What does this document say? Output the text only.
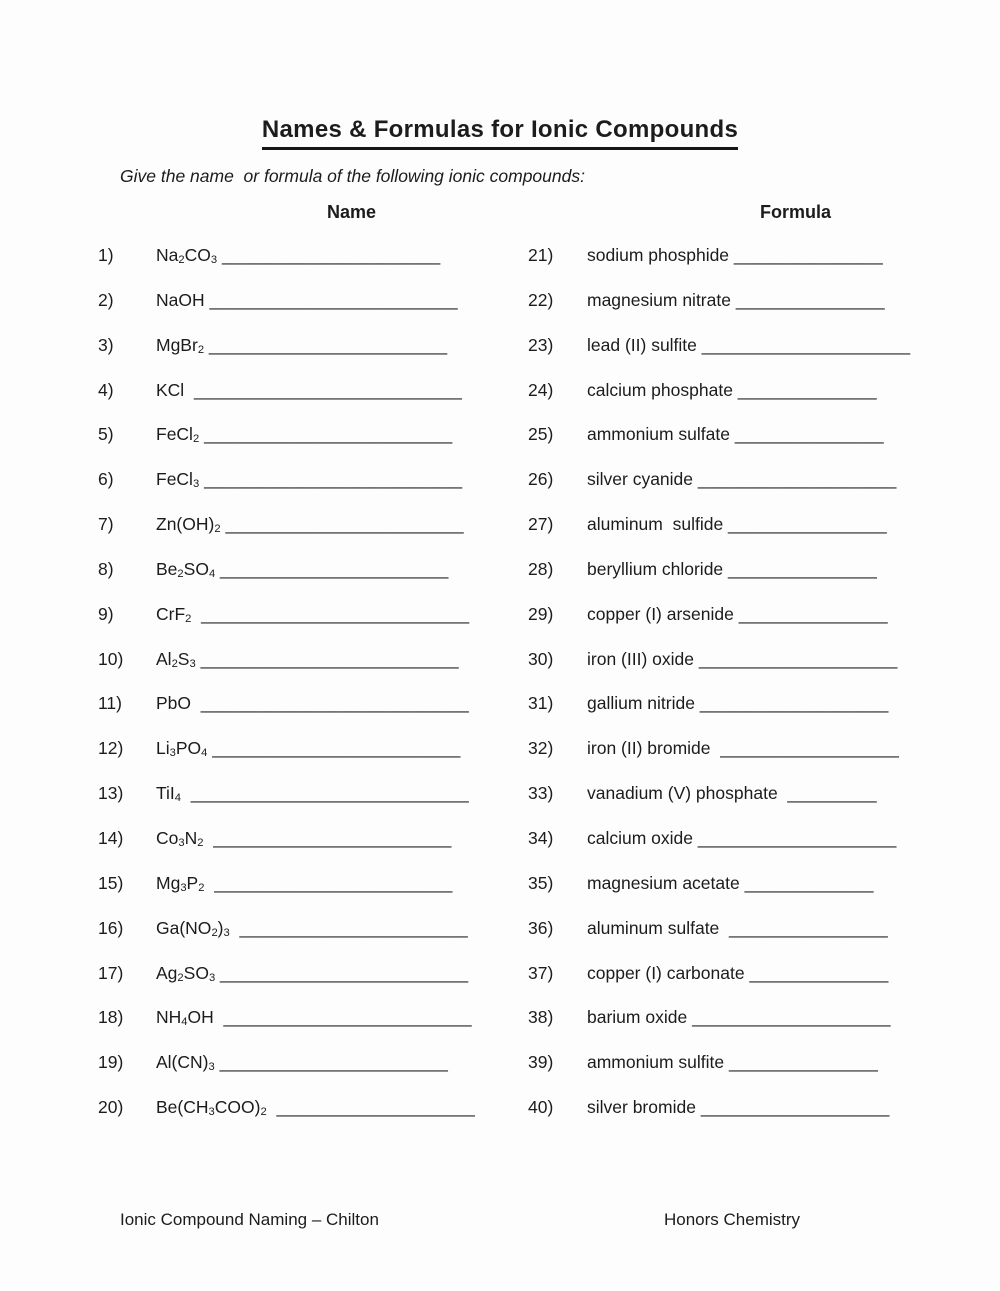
Names & Formulas for Ionic Compounds
Give the name  or formula of the following ionic compounds:
Name	Formula
1) $Na_2CO_3$ ______________________
2) NaOH _________________________
3) MgBr$_2$ ________________________
4) KCl  ___________________________
5) FeCl$_2$ _________________________
6) FeCl$_3$ __________________________
7) $Zn(OH)_2$ ________________________
8) $Be_2SO_4$ _______________________
9) CrF$_2$ ___________________________
10) $Al_2S_3$ __________________________
11) PbO  ___________________________
12) $Li_3PO_4$ _________________________
13) TiI$_4$ ____________________________
14) $Co_3N_2$ ________________________
15) $Mg_3P_2$ ________________________
16) $Ga(NO_2)_3$ _______________________
17) $Ag_2SO_3$ _________________________
18) $NH_4OH$  _________________________
19) $Al(CN)_3$ _______________________
20) $Be(CH_3COO)_2$ ____________________
21) sodium phosphide _______________
22) magnesium nitrate _______________
23) lead (II) sulfite _____________________
24) calcium phosphate ______________
25) ammonium sulfate _______________
26) silver cyanide ____________________
27) aluminum  sulfide ________________
28) beryllium chloride _______________
29) copper (I) arsenide _______________
30) iron (III) oxide ____________________
31) gallium nitride ___________________
32) iron (II) bromide  __________________
33) vanadium (V) phosphate  _________
34) calcium oxide ____________________
35) magnesium acetate _____________
36) aluminum sulfate  ________________
37) copper (I) carbonate ______________
38) barium oxide ____________________
39) ammonium sulfite _______________
40) silver bromide ___________________
Ionic Compound Naming – Chilton	Honors Chemistry
